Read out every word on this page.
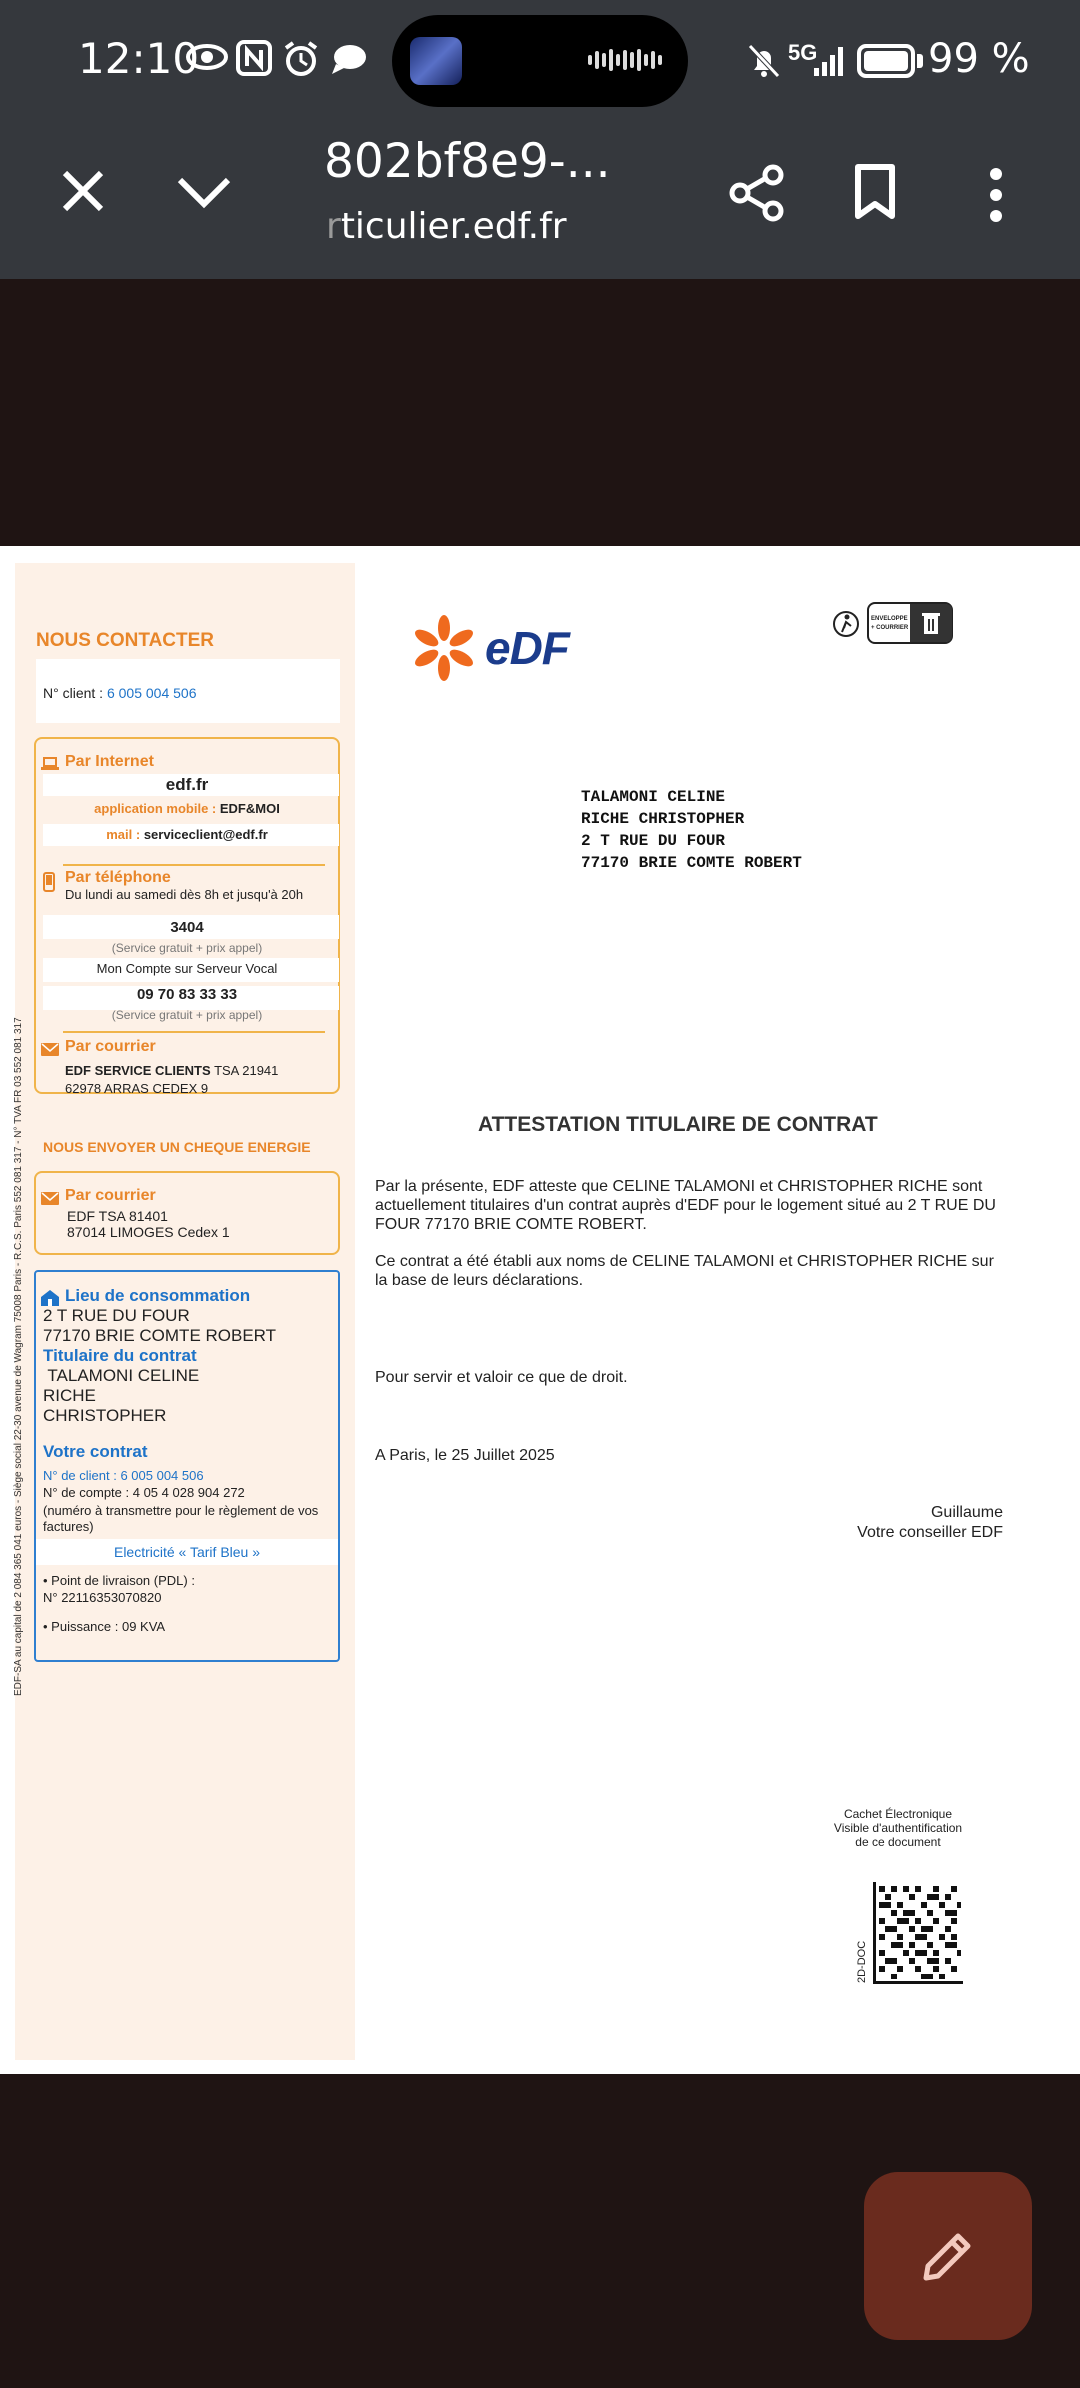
12:10	5G	99 %
802bf8e9-...
rticulier.edf.fr
NOUS CONTACTER
N° client : 6 005 004 506
Par Internet
edf.fr
application mobile : EDF&MOI
mail : serviceclient@edf.fr
Par téléphone
Du lundi au samedi dès 8h et jusqu'à 20h
3404
(Service gratuit + prix appel)
Mon Compte sur Serveur Vocal
09 70 83 33 33
(Service gratuit + prix appel)
Par courrier
EDF SERVICE CLIENTS TSA 21941
62978 ARRAS CEDEX 9
NOUS ENVOYER UN CHEQUE ENERGIE
Par courrier
EDF TSA 81401
87014 LIMOGES Cedex 1
Lieu de consommation
2 T RUE DU FOUR
77170 BRIE COMTE ROBERT
Titulaire du contrat
TALAMONI CELINE
RICHE
CHRISTOPHER
Votre contrat
N° de client : 6 005 004 506
N° de compte : 4 05 4 028 904 272
(numéro à transmettre pour le règlement de vos factures)
Electricité « Tarif Bleu »
• Point de livraison (PDL) :
N° 22116353070820
• Puissance : 09 KVA
EDF-SA au capital de 2 084 365 041 euros - Siège social 22-30 avenue de Wagram 75008 Paris - R.C.S. Paris 552 081 317 - N° TVA FR 03 552 081 317
eDF
ENVELOPPE
+ COURRIER
TALAMONI CELINE
RICHE CHRISTOPHER
2 T RUE DU FOUR
77170 BRIE COMTE ROBERT
ATTESTATION TITULAIRE DE CONTRAT
Par la présente, EDF atteste que CELINE TALAMONI et CHRISTOPHER RICHE sont actuellement titulaires d'un contrat auprès d'EDF pour le logement situé au 2 T RUE DU FOUR 77170 BRIE COMTE ROBERT.
Ce contrat a été établi aux noms de CELINE TALAMONI et CHRISTOPHER RICHE sur la base de leurs déclarations.
Pour servir et valoir ce que de droit.
A Paris, le 25 Juillet 2025
Guillaume
Votre conseiller EDF
Cachet Électronique
Visible d'authentification
de ce document
2D-DOC
